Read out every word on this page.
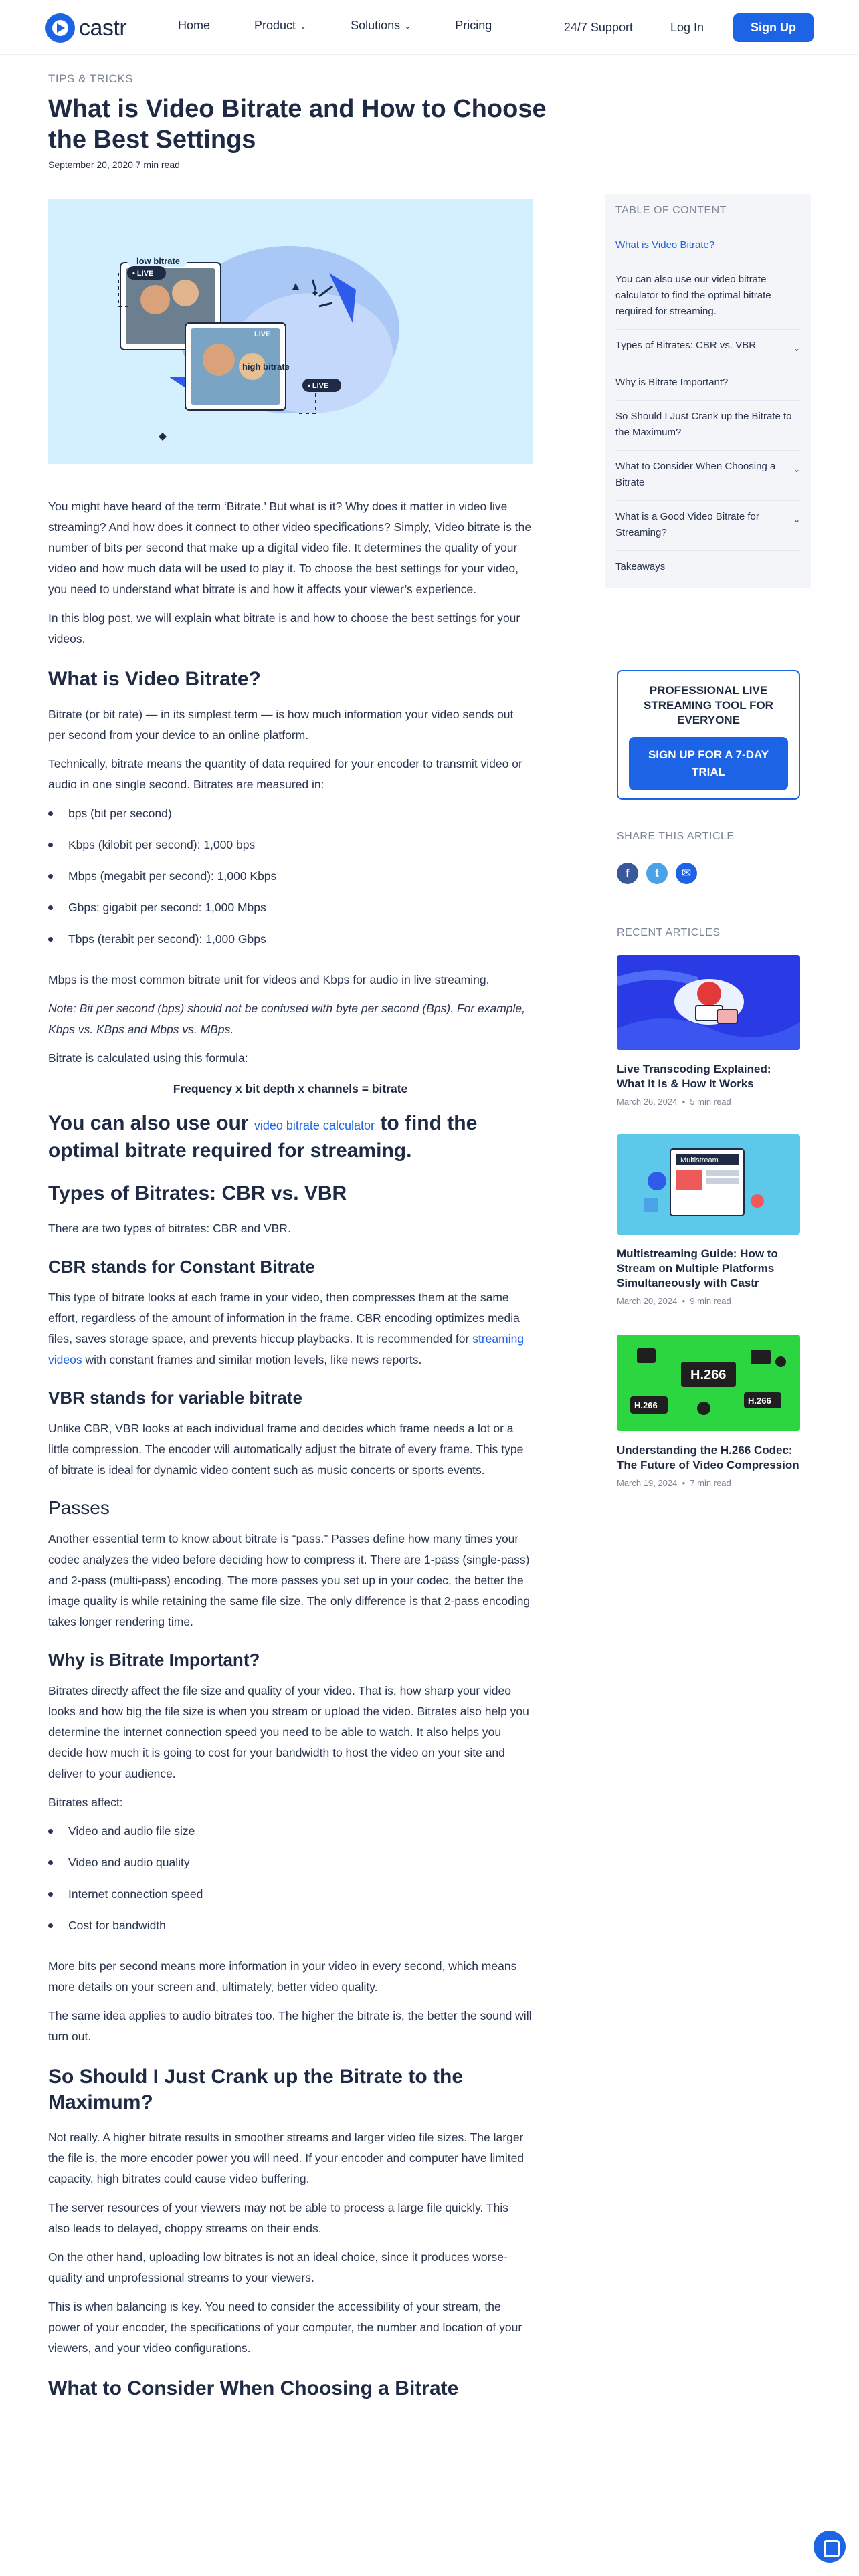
castr	Home	Product ⌄	Solutions ⌄	Pricing	24/7 Support	Log In	Sign Up
TIPS & TRICKS
What is Video Bitrate and How to Choose the Best Settings
September 20, 2020 7 min read
low bitrate
high bitrate
• LIVE
• LIVE
LIVE

You might have heard of the term ‘Bitrate.’ But what is it? Why does it matter in video live streaming? And how does it connect to other video specifications? Simply, Video bitrate is the number of bits per second that make up a digital video file. It determines the quality of your video and how much data will be used to play it. To choose the best settings for your video, you need to understand what bitrate is and how it affects your viewer’s experience.

In this blog post, we will explain what bitrate is and how to choose the best settings for your videos.

What is Video Bitrate?

Bitrate (or bit rate) — in its simplest term — is how much information your video sends out per second from your device to an online platform.

Technically, bitrate means the quantity of data required for your encoder to transmit video or audio in one single second. Bitrates are measured in:

bps (bit per second)
Kbps (kilobit per second): 1,000 bps
Mbps (megabit per second): 1,000 Kbps
Gbps: gigabit per second: 1,000 Mbps
Tbps (terabit per second): 1,000 Gbps

Mbps is the most common bitrate unit for videos and Kbps for audio in live streaming.

Note: Bit per second (bps) should not be confused with byte per second (Bps). For example, Kbps vs. KBps and Mbps vs. MBps.

Bitrate is calculated using this formula:

Frequency x bit depth x channels = bitrate

You can also use our video bitrate calculator to find the optimal bitrate required for streaming.
Types of Bitrates: CBR vs. VBR

There are two types of bitrates: CBR and VBR.

CBR stands for Constant Bitrate

This type of bitrate looks at each frame in your video, then compresses them at the same effort, regardless of the amount of information in the frame. CBR encoding optimizes media files, saves storage space, and prevents hiccup playbacks. It is recommended for streaming videos with constant frames and similar motion levels, like news reports.

VBR stands for variable bitrate

Unlike CBR, VBR looks at each individual frame and decides which frame needs a lot or a little compression. The encoder will automatically adjust the bitrate of every frame. This type of bitrate is ideal for dynamic video content such as music concerts or sports events.

Passes

Another essential term to know about bitrate is “pass.” Passes define how many times your codec analyzes the video before deciding how to compress it. There are 1-pass (single-pass) and 2-pass (multi-pass) encoding. The more passes you set up in your codec, the better the image quality is while retaining the same file size. The only difference is that 2-pass encoding takes longer rendering time.

Why is Bitrate Important?

Bitrates directly affect the file size and quality of your video. That is, how sharp your video looks and how big the file size is when you stream or upload the video. Bitrates also help you determine the internet connection speed you need to be able to watch. It also helps you decide how much it is going to cost for your bandwidth to host the video on your site and deliver to your audience.

Bitrates affect:

Video and audio file size
Video and audio quality
Internet connection speed
Cost for bandwidth

More bits per second means more information in your video in every second, which means more details on your screen and, ultimately, better video quality.

The same idea applies to audio bitrates too. The higher the bitrate is, the better the sound will turn out.

So Should I Just Crank up the Bitrate to the Maximum?

Not really. A higher bitrate results in smoother streams and larger video file sizes. The larger the file is, the more encoder power you will need. If your encoder and computer have limited capacity, high bitrates could cause video buffering.

The server resources of your viewers may not be able to process a large file quickly. This also leads to delayed, choppy streams on their ends.

On the other hand, uploading low bitrates is not an ideal choice, since it produces worse-quality and unprofessional streams to your viewers.

This is when balancing is key. You need to consider the accessibility of your stream, the power of your encoder, the specifications of your computer, the number and location of your viewers, and your video configurations.

What to Consider When Choosing a Bitrate
TABLE OF CONTENT
What is Video Bitrate?
You can also use our video bitrate calculator to find the optimal bitrate required for streaming.
Types of Bitrates: CBR vs. VBR	⌄
Why is Bitrate Important?
So Should I Just Crank up the Bitrate to the Maximum?
What to Consider When Choosing a Bitrate
⌄
What is a Good Video Bitrate for Streaming?
⌄
Takeaways
PROFESSIONAL LIVE STREAMING TOOL FOR EVERYONE
SIGN UP FOR A 7-DAY TRIAL
SHARE THIS ARTICLE
f	t	✉
RECENT ARTICLES
Live Transcoding Explained: What It Is & How It Works
March 26, 2024  •  5 min read
Multistream
Multistreaming Guide: How to Stream on Multiple Platforms Simultaneously with Castr
March 20, 2024  •  9 min read
H.266
H.266	H.266
Understanding the H.266 Codec: The Future of Video Compression
March 19, 2024  •  7 min read
